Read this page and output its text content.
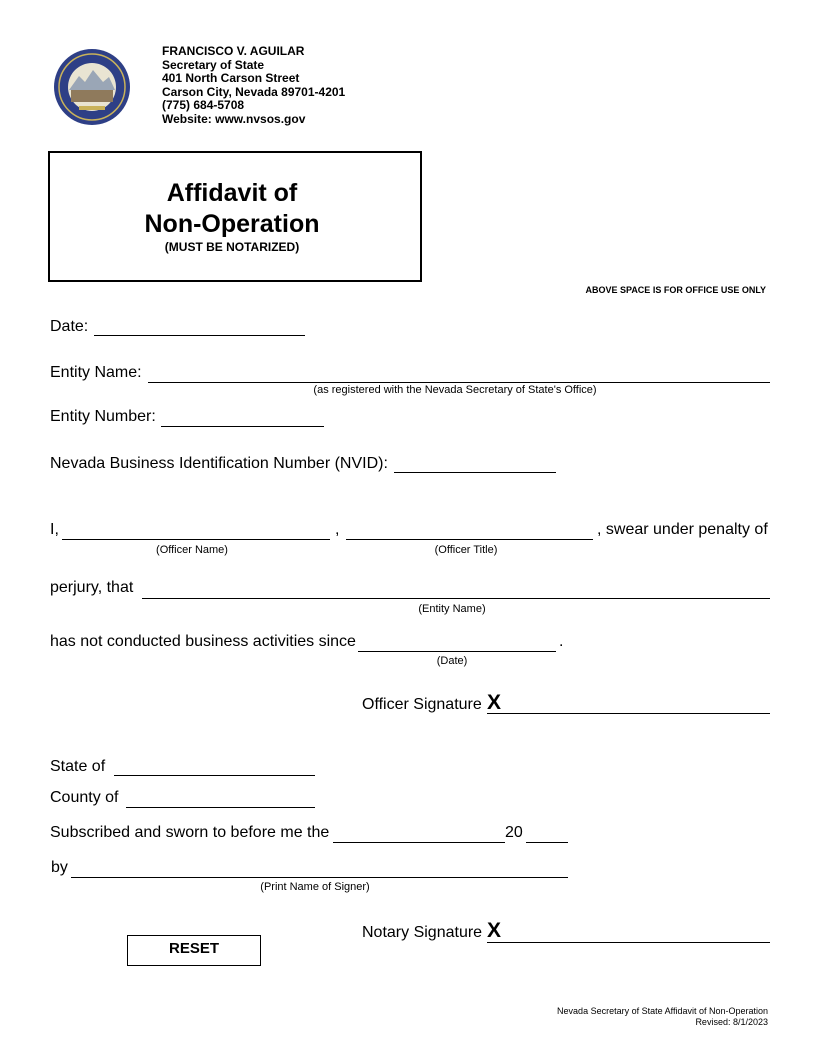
FRANCISCO V. AGUILAR
Secretary of State
401 North Carson Street
Carson City, Nevada 89701-4201
(775) 684-5708
Website: www.nvsos.gov
Affidavit of
Non-Operation
(MUST BE NOTARIZED)
ABOVE SPACE IS FOR OFFICE USE ONLY
Date:
Entity Name:
(as registered with the Nevada Secretary of State's Office)
Entity Number:
Nevada Business Identification Number (NVID):
I,	,	, swear under penalty of
(Officer Name)	(Officer Title)
perjury, that
(Entity Name)
has not conducted business activities since	.
(Date)
Officer Signature X
State of
County of
Subscribed and sworn to before me the	20
by
(Print Name of Signer)
Notary Signature X
RESET
Nevada Secretary of State Affidavit of Non-Operation
Revised: 8/1/2023
